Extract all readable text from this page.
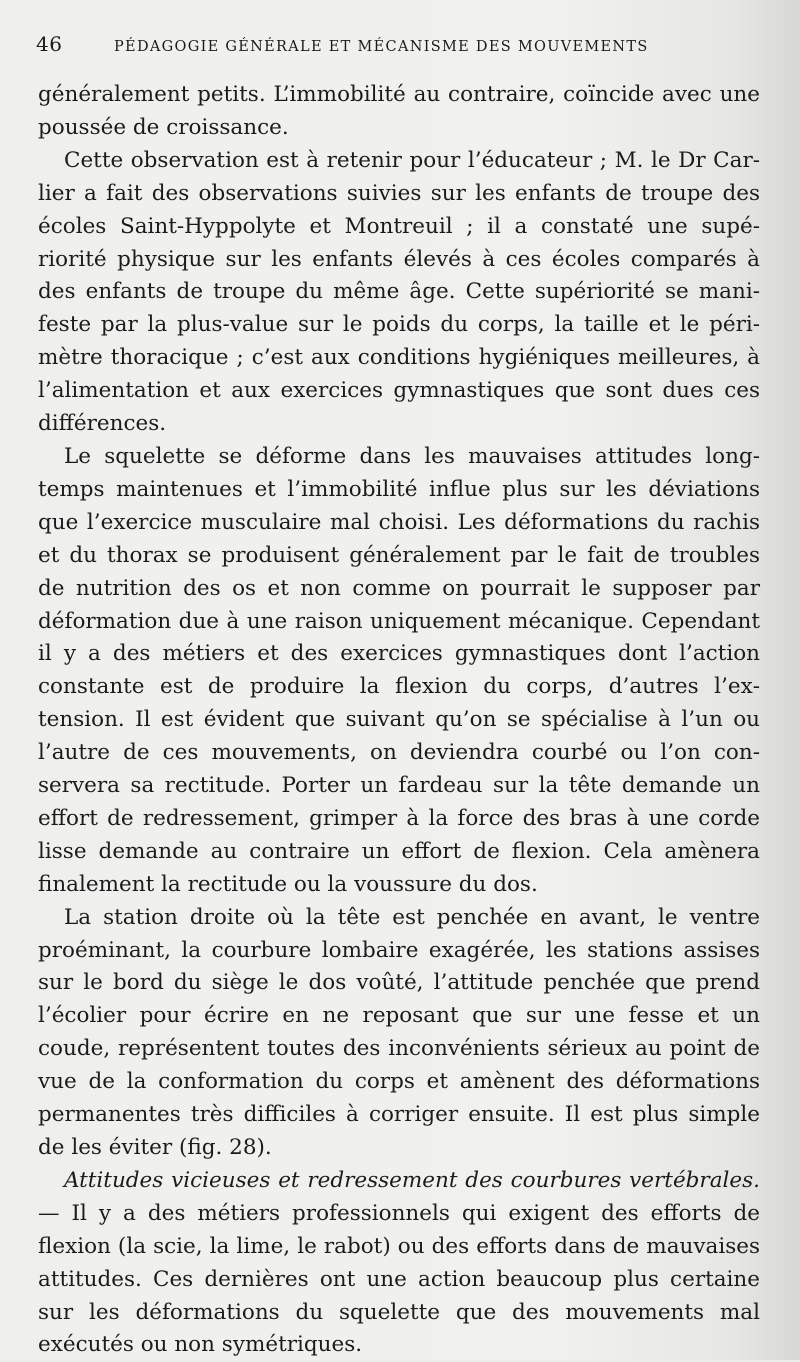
46	PÉDAGOGIE GÉNÉRALE ET MÉCANISME DES MOUVEMENTS

généralement petits. L’immobilité au contraire, coïncide avec une poussée de croissance.

Cette observation est à retenir pour l’éducateur ; M. le Dr Carlier a fait des observations suivies sur les enfants de troupe des écoles Saint-Hyppolyte et Montreuil ; il a constaté une supériorité physique sur les enfants élevés à ces écoles comparés à des enfants de troupe du même âge. Cette supériorité se manifeste par la plus-value sur le poids du corps, la taille et le périmètre thoracique ; c’est aux conditions hygiéniques meilleures, à l’alimentation et aux exercices gymnastiques que sont dues ces différences.

Le squelette se déforme dans les mauvaises attitudes longtemps maintenues et l’immobilité influe plus sur les déviations que l’exercice musculaire mal choisi. Les déformations du rachis et du thorax se produisent généralement par le fait de troubles de nutrition des os et non comme on pourrait le supposer par déformation due à une raison uniquement mécanique. Cependant il y a des métiers et des exercices gymnastiques dont l’action constante est de produire la flexion du corps, d’autres l’extension. Il est évident que suivant qu’on se spécialise à l’un ou l’autre de ces mouvements, on deviendra courbé ou l’on conservera sa rectitude. Porter un fardeau sur la tête demande un effort de redressement, grimper à la force des bras à une corde lisse demande au contraire un effort de flexion. Cela amènera finalement la rectitude ou la voussure du dos.

La station droite où la tête est penchée en avant, le ventre proéminant, la courbure lombaire exagérée, les stations assises sur le bord du siège le dos voûté, l’attitude penchée que prend l’écolier pour écrire en ne reposant que sur une fesse et un coude, représentent toutes des inconvénients sérieux au point de vue de la conformation du corps et amènent des déformations permanentes très difficiles à corriger ensuite. Il est plus simple de les éviter (fig. 28).

Attitudes vicieuses et redressement des courbures vertébrales. — Il y a des métiers professionnels qui exigent des efforts de flexion (la scie, la lime, le rabot) ou des efforts dans de mauvaises attitudes. Ces dernières ont une action beaucoup plus certaine sur les déformations du squelette que des mouvements mal exécutés ou non symétriques.
